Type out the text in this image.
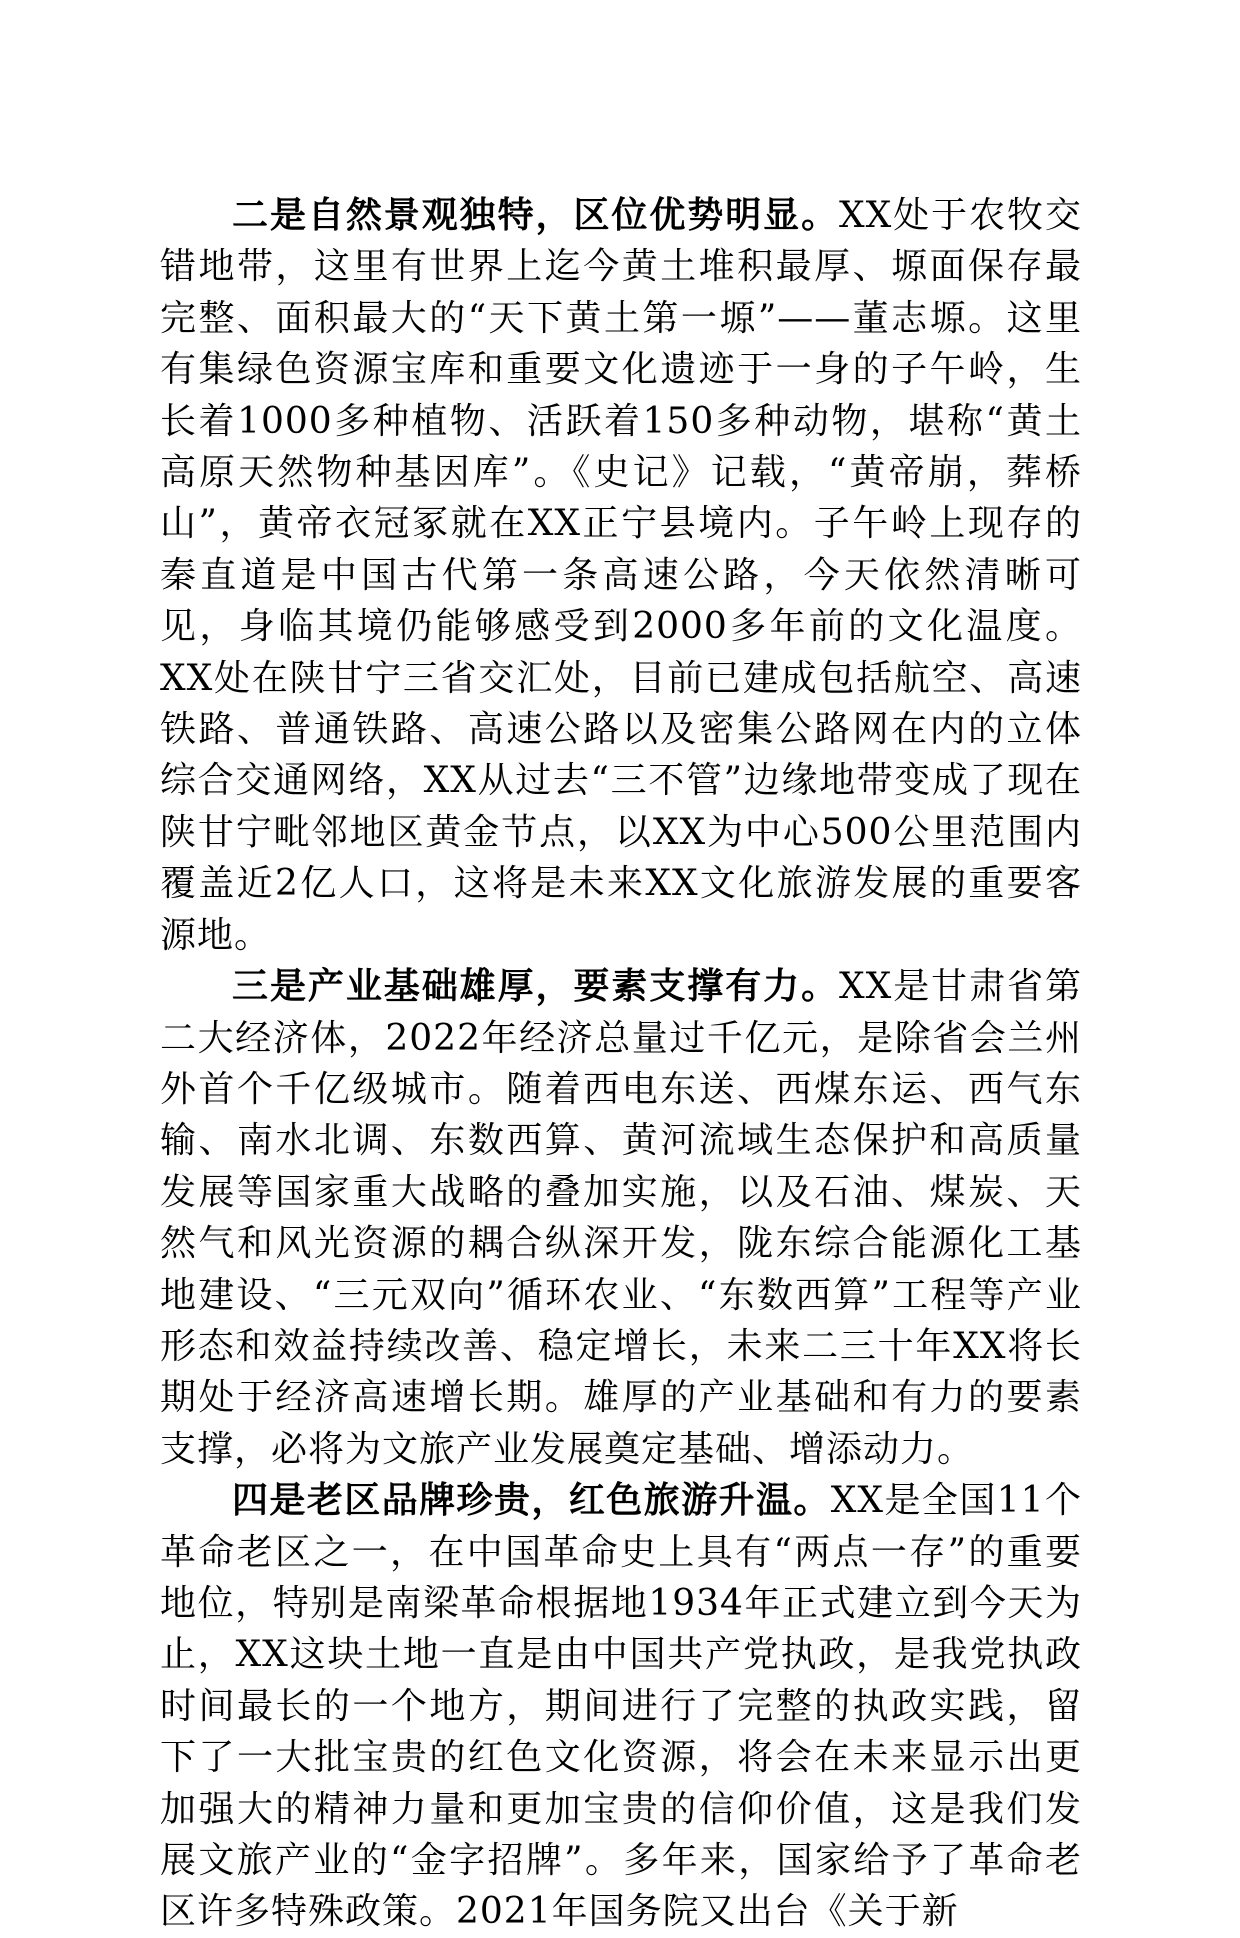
二是自然景观独特，区位优势明显。XX处于农牧交错地带，这里有世界上迄今黄土堆积最厚、塬面保存最完整、面积最大的“天下黄土第一塬”——董志塬。这里有集绿色资源宝库和重要文化遗迹于一身的子午岭，生长着1000多种植物、活跃着150多种动物，堪称“黄土高原天然物种基因库”。《史记》记载，“黄帝崩，葬桥山”，黄帝衣冠冢就在XX正宁县境内。子午岭上现存的秦直道是中国古代第一条高速公路，今天依然清晰可见，身临其境仍能够感受到2000多年前的文化温度。XX处在陕甘宁三省交汇处，目前已建成包括航空、高速铁路、普通铁路、高速公路以及密集公路网在内的立体综合交通网络，XX从过去“三不管”边缘地带变成了现在陕甘宁毗邻地区黄金节点，以XX为中心500公里范围内覆盖近2亿人口，这将是未来XX文化旅游发展的重要客源地。

三是产业基础雄厚，要素支撑有力。XX是甘肃省第二大经济体，2022年经济总量过千亿元，是除省会兰州外首个千亿级城市。随着西电东送、西煤东运、西气东输、南水北调、东数西算、黄河流域生态保护和高质量发展等国家重大战略的叠加实施，以及石油、煤炭、天然气和风光资源的耦合纵深开发，陇东综合能源化工基地建设、“三元双向”循环农业、“东数西算”工程等产业形态和效益持续改善、稳定增长，未来二三十年XX将长期处于经济高速增长期。雄厚的产业基础和有力的要素支撑，必将为文旅产业发展奠定基础、增添动力。

四是老区品牌珍贵，红色旅游升温。XX是全国11个革命老区之一，在中国革命史上具有“两点一存”的重要地位，特别是南梁革命根据地1934年正式建立到今天为止，XX这块土地一直是由中国共产党执政，是我党执政时间最长的一个地方，期间进行了完整的执政实践，留下了一大批宝贵的红色文化资源，将会在未来显示出更加强大的精神力量和更加宝贵的信仰价值，这是我们发展文旅产业的“金字招牌”。多年来，国家给予了革命老区许多特殊政策。2021年国务院又出台《关于新
